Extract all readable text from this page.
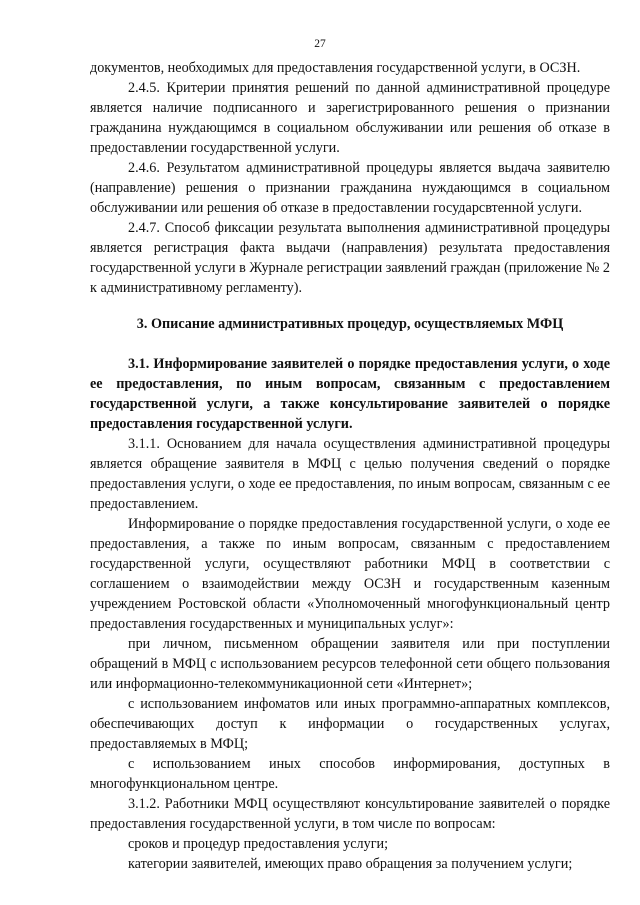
27

документов, необходимых для предоставления государственной услуги, в ОСЗН.

2.4.5. Критерии принятия решений по данной административной процедуре является наличие подписанного и зарегистрированного решения о признании гражданина нуждающимся в социальном обслуживании или решения об отказе в предоставлении государственной услуги.

2.4.6. Результатом административной процедуры является выдача заявителю (направление) решения о признании гражданина нуждающимся в социальном обслуживании или решения об отказе в предоставлении государсвтенной услуги.

2.4.7. Способ фиксации результата выполнения административной процедуры является регистрация факта выдачи (направления) результата предоставления государственной услуги в Журнале регистрации заявлений граждан (приложение № 2 к административному регламенту).

3. Описание административных процедур, осуществляемых МФЦ

3.1. Информирование заявителей о порядке предоставления услуги, о ходе ее предоставления, по иным вопросам, связанным с предоставлением государственной услуги, а также консультирование заявителей о порядке предоставления государственной услуги.

3.1.1. Основанием для начала осуществления административной процедуры является обращение заявителя в МФЦ с целью получения сведений о порядке предоставления услуги, о ходе ее предоставления, по иным вопросам, связанным с ее предоставлением.

Информирование о порядке предоставления государственной услуги, о ходе ее предоставления, а также по иным вопросам, связанным с предоставлением государственной услуги, осуществляют работники МФЦ в соответствии с соглашением о взаимодействии между ОСЗН и государственным казенным учреждением Ростовской области «Уполномоченный многофункциональный центр предоставления государственных и муниципальных услуг»:

при личном, письменном обращении заявителя или при поступлении обращений в МФЦ с использованием ресурсов телефонной сети общего пользования или информационно-телекоммуникационной сети «Интернет»;

с использованием инфоматов или иных программно-аппаратных комплексов, обеспечивающих доступ к информации о государственных услугах, предоставляемых в МФЦ;

с использованием иных способов информирования, доступных в многофункциональном центре.

3.1.2. Работники МФЦ осуществляют консультирование заявителей о порядке предоставления государственной услуги, в том числе по вопросам:

сроков и процедур предоставления услуги;

категории заявителей, имеющих право обращения за получением услуги;
